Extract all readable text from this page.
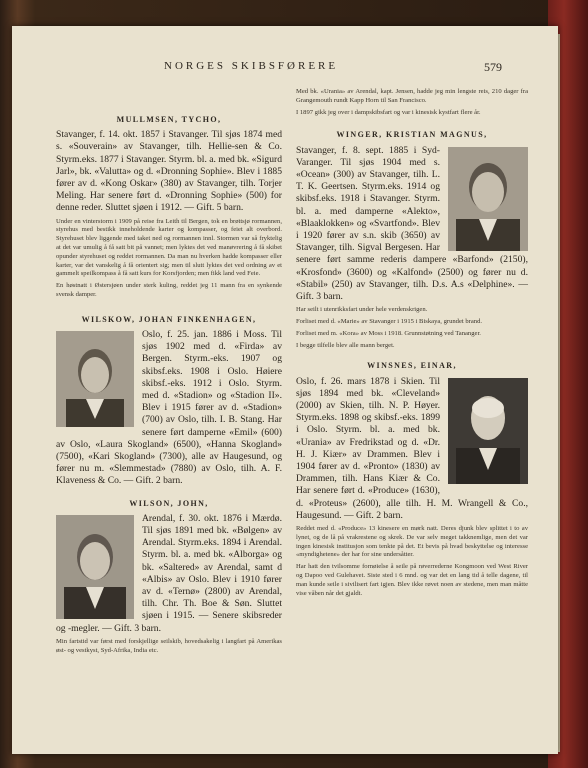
NORGES SKIBSFØRERE	579
MULLMSEN, TYCHO,

Stavanger, f. 14. okt. 1857 i Stavanger. Til sjøs 1874 med s. «Souverain» av Stavanger, tilh. Hellie-sen & Co. Styrm.eks. 1877 i Stavanger. Styrm. bl. a. med bk. «Sigurd Jarl», bk. «Valutta» og d. «Dronning Sophie». Blev i 1885 fører av d. «Kong Oskar» (380) av Stavanger, tilh. Torjer Meling. Har senere ført d. «Dronning Sophie» (500) for denne reder. Sluttet sjøen i 1912. — Gift. 5 barn.

Under en vinterstorm i 1909 på reise fra Leith til Bergen, tok en brøttsjø rormannen, styrehus med bestikk inneholdende karter og kompasser, og feiet alt overbord. Styrehuset blev liggende med taket ned og rormannen innl. Stormen var så fryktelig at det var umulig å få satt bit på vannet; men lyktes det ved manøvrering å få skibet opunder styrehuset og reddet rormannen. Da man nu hverken hadde kompasser eller karter, var det vanskelig å få orientert sig; men til slutt lyktes det ved ordning av et gammelt speilkompass å få satt kurs for Korsfjorden; men fikk land ved Feie.

En høstnatt i Østersjøen under sterk kuling, reddet jeg 11 mann fra en synkende svensk damper.

WILSKOW, JOHAN FINKENHAGEN,

Oslo, f. 25. jan. 1886 i Moss. Til sjøs 1902 med d. «Firda» av Bergen. Styrm.-eks. 1907 og skibsf.eks. 1908 i Oslo. Høiere skibsf.-eks. 1912 i Oslo. Styrm. med d. «Stadion» og «Stadion II». Blev i 1915 fører av d. «Stadion» (700) av Oslo, tilh. I. B. Stang. Har senere ført damperne «Emil» (600) av Oslo, «Laura Skogland» (6500), «Hanna Skogland» (7500), «Kari Skogland» (7300), alle av Haugesund, og fører nu m. «Slemmestad» (7880) av Oslo, tilh. A. F. Klaveness & Co. — Gift. 2 barn.

WILSON, JOHN,

Arendal, f. 30. okt. 1876 i Mærdø. Til sjøs 1891 med bk. «Bølgen» av Arendal. Styrm.eks. 1894 i Arendal. Styrm. bl. a. med bk. «Alborga» og bk. «Saltered» av Arendal, samt d «Albis» av Oslo. Blev i 1910 fører av d. «Ternø» (2800) av Arendal, tilh. Chr. Th. Boe & Søn. Sluttet sjøen i 1915. — Senere skibsreder og -megler. — Gift. 3 barn.

Min fartstid var først med forskjellige seilskib, hovedsakelig i langfart på Amerikas øst- og vestkyst, Syd-Afrika, India etc.

Med bk. «Urania» av Arendal, kapt. Jensen, hadde jeg min lengste reis, 210 dager fra Grangemouth rundt Kapp Horn til San Francisco.

I 1897 gikk jeg over i dampskibsfart og var i kinesisk kystfart flere år.

WINGER, KRISTIAN MAGNUS,

Stavanger, f. 8. sept. 1885 i Syd-Varanger. Til sjøs 1904 med s. «Ocean» (300) av Stavanger, tilh. L. T. K. Geertsen. Styrm.eks. 1914 og skibsf.eks. 1918 i Stavanger. Styrm. bl. a. med damperne «Alekto», «Blaaklokken» og «Svartfond». Blev i 1920 fører av s.n. skib (3650) av Stavanger, tilh. Sigval Bergesen. Har senere ført samme rederis dampere «Barfond» (2150), «Krosfond» (3600) og «Kalfond» (2500) og fører nu d. «Stabil» (250) av Stavanger, tilh. D.s. A.s «Delphine». — Gift. 3 barn.

Har seilt i utenrikksfart under hele verdenskrigen.

Forliset med d. «Marie» av Stavanger i 1915 i Biskaya, grundet brand.

Forliset med m. «Kora» av Moss i 1918. Grunnstøtning ved Tananger.

I begge tilfelle blev alle mann berget.

WINSNES, EINAR,

Oslo, f. 26. mars 1878 i Skien. Til sjøs 1894 med bk. «Cleveland» (2000) av Skien, tilh. N. P. Høyer. Styrm.eks. 1898 og skibsf.-eks. 1899 i Oslo. Styrm. bl. a. med bk. «Urania» av Fredrikstad og d. «Dr. H. J. Kiær» av Drammen. Blev i 1904 fører av d. «Pronto» (1830) av Drammen, tilh. Hans Kiær & Co. Har senere ført d. «Produce» (1630), d. «Proteus» (2600), alle tilh. H. M. Wrangell & Co., Haugesund. — Gift. 2 barn.

Reddet med d. «Produce» 13 kinesere en mørk natt. Deres djunk blev splittet i to av lynet, og de lå på vrakrestene og skrek. De var selv meget takknemlige, men det var ingen kinesisk institusjon som tenkte på det. Et bevis på hvad beskyttelse og interesse «myndighetene» der har for sine undersåtter.

Har hatt den tvilsomme fornøielse å seile på røverrederne Kongmoon ved West River og Dapoo ved Gulehavet. Siste sted i 6 mnd. og var det en lang tid å telle dagene, til man kunde seile i sivilisert fart igjen. Blev ikke røvet noen av stedene, men man måtte vise våben når det gjaldt.
